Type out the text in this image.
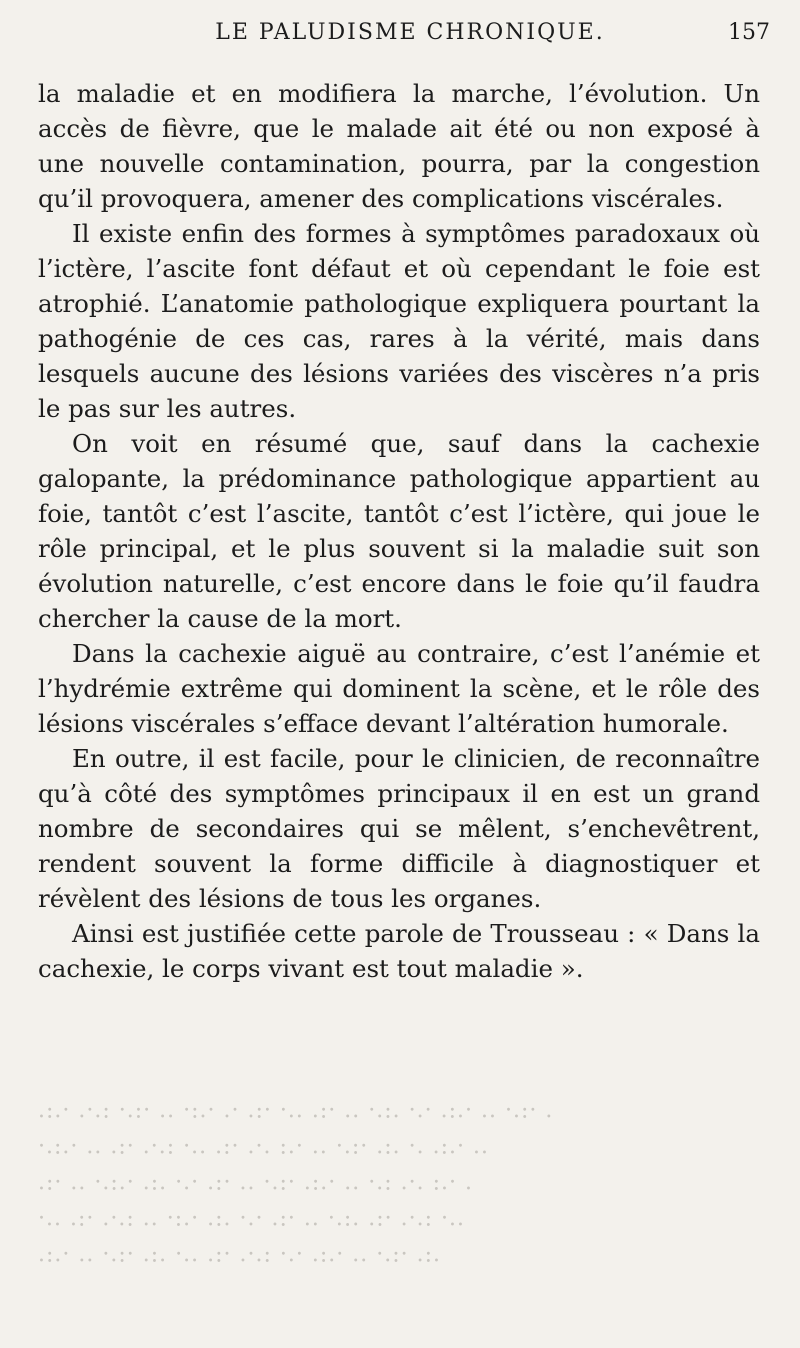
LE PALUDISME CHRONIQUE.	157

la maladie et en modifiera la marche, l’évolution. Un accès de fièvre, que le malade ait été ou non exposé à une nouvelle contamination, pourra, par la congestion qu’il provoquera, amener des complications viscérales.

Il existe enfin des formes à symptômes paradoxaux où l’ictère, l’ascite font défaut et où cependant le foie est atrophié. L’anatomie pathologique expliquera pourtant la pathogénie de ces cas, rares à la vérité, mais dans lesquels aucune des lésions variées des viscères n’a pris le pas sur les autres.

On voit en résumé que, sauf dans la cachexie galopante, la prédominance pathologique appartient au foie, tantôt c’est l’ascite, tantôt c’est l’ictère, qui joue le rôle principal, et le plus souvent si la maladie suit son évolution naturelle, c’est encore dans le foie qu’il faudra chercher la cause de la mort.

Dans la cachexie aiguë au contraire, c’est l’anémie et l’hydrémie extrême qui dominent la scène, et le rôle des lésions viscérales s’efface devant l’altération humorale.

En outre, il est facile, pour le clinicien, de reconnaître qu’à côté des symptômes principaux il en est un grand nombre de secondaires qui se mêlent, s’enchevêtrent, rendent souvent la forme difficile à diagnostiquer et révèlent des lésions de tous les organes.

Ainsi est justifiée cette parole de Trousseau : « Dans la cachexie, le corps vivant est tout maladie ».

·:·. ·.·: .·:. ·· .:·. ·. ·:. .·· ·:. ·· .·:· .·. ·:·. ·· .·:. ·
.·:·. ·· ·:. ·.·: .·· ·:. ·.· :·. ·· .·:. ·:· .· ·:·. ··
·:. ·· .·:·. ·:· .·. ·:. ·· .·:. ·:·. ·· .·: ·.· :·. ·
.·· ·:. ·.·: ·· .:·. ·:· .·. ·:. ·· .·:· ·:. ·.·: .··
·:·. ·· .·:. ·:· .·· ·:. ·.·: .·. ·:·. ·· .·:. ·:·
